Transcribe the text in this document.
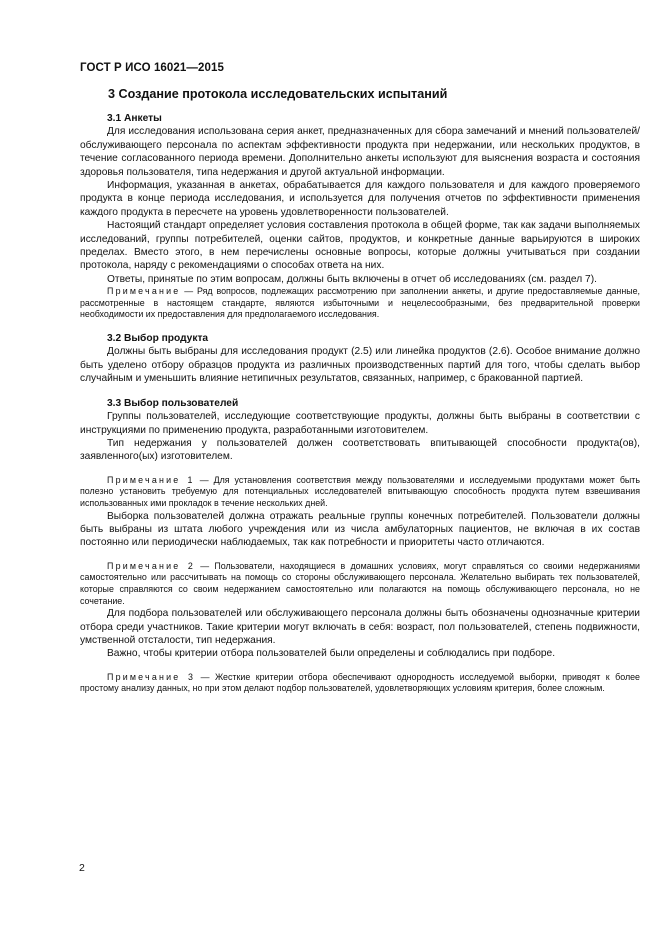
ГОСТ Р ИСО 16021—2015
3 Создание протокола исследовательских испытаний
3.1 Анкеты

Для исследования использована серия анкет, предназначенных для сбора замечаний и мнений пользователей/обслуживающего персонала по аспектам эффективности продукта при недержании, или нескольких продуктов, в течение согласованного периода времени. Дополнительно анкеты используют для выяснения возраста и состояния здоровья пользователя, типа недержания и другой актуальной информации.

Информация, указанная в анкетах, обрабатывается для каждого пользователя и для каждого проверяемого продукта в конце периода исследования, и используется для получения отчетов по эффективности применения каждого продукта в пересчете на уровень удовлетворенности пользователей.

Настоящий стандарт определяет условия составления протокола в общей форме, так как задачи выполняемых исследований, группы потребителей, оценки сайтов, продуктов, и конкретные данные варьируются в широких пределах. Вместо этого, в нем перечислены основные вопросы, которые должны учитываться при создании протокола, наряду с рекомендациями о способах ответа на них.

Ответы, принятые по этим вопросам, должны быть включены в отчет об исследованиях (см. раздел 7).

Примечание — Ряд вопросов, подлежащих рассмотрению при заполнении анкеты, и другие предоставляемые данные, рассмотренные в настоящем стандарте, являются избыточными и нецелесообразными, без предварительной проверки необходимости их предоставления для предполагаемого исследования.

3.2 Выбор продукта

Должны быть выбраны для исследования продукт (2.5) или линейка продуктов (2.6). Особое внимание должно быть уделено отбору образцов продукта из различных производственных партий для того, чтобы сделать выбор случайным и уменьшить влияние нетипичных результатов, связанных, например, с бракованной партией.

3.3 Выбор пользователей

Группы пользователей, исследующие соответствующие продукты, должны быть выбраны в соответствии с инструкциями по применению продукта, разработанными изготовителем.

Тип недержания у пользователей должен соответствовать впитывающей способности продукта(ов), заявленного(ых) изготовителем.

Примечание 1 — Для установления соответствия между пользователями и исследуемыми продуктами может быть полезно установить требуемую для потенциальных исследователей впитывающую способность продукта путем взвешивания использованных ими прокладок в течение нескольких дней.

Выборка пользователей должна отражать реальные группы конечных потребителей. Пользователи должны быть выбраны из штата любого учреждения или из числа амбулаторных пациентов, не включая в их состав постоянно или периодически наблюдаемых, так как потребности и приоритеты часто отличаются.

Примечание 2 — Пользователи, находящиеся в домашних условиях, могут справляться со своими недержаниями самостоятельно или рассчитывать на помощь со стороны обслуживающего персонала. Желательно выбирать тех пользователей, которые справляются со своим недержанием самостоятельно или полагаются на помощь обслуживающего персонала, но не сочетание.

Для подбора пользователей или обслуживающего персонала должны быть обозначены однозначные критерии отбора среди участников. Такие критерии могут включать в себя: возраст, пол пользователей, степень подвижности, умственной отсталости, тип недержания.

Важно, чтобы критерии отбора пользователей были определены и соблюдались при подборе.

Примечание 3 — Жесткие критерии отбора обеспечивают однородность исследуемой выборки, приводят к более простому анализу данных, но при этом делают подбор пользователей, удовлетворяющих условиям критерия, более сложным.

2
